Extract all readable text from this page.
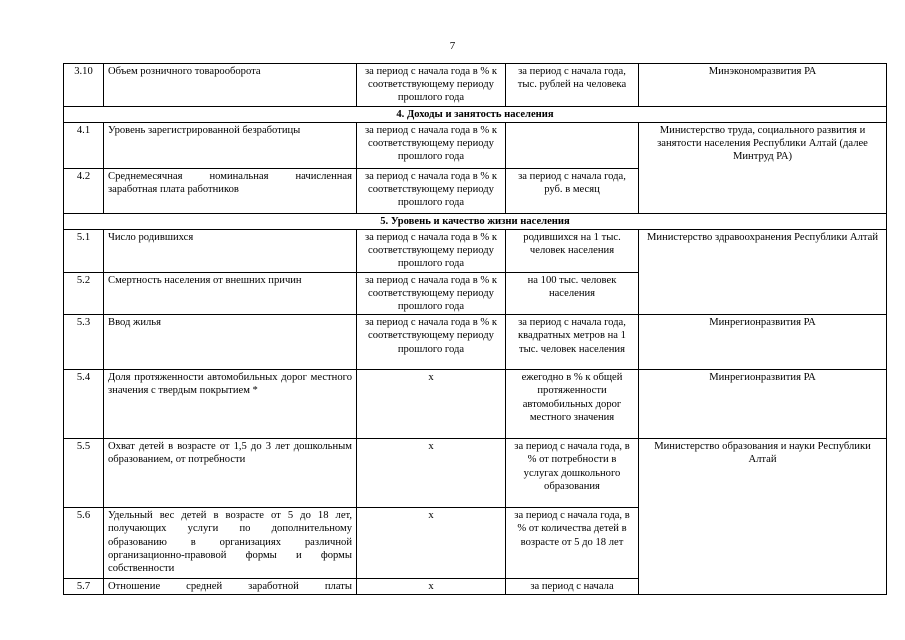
7
3.10	Объем розничного товарооборота	за период с начала года в % к соответствующему периоду прошлого года	за период с начала года, тыс. рублей на человека	Минэкономразвития РА
4. Доходы и занятость населения				
4.1	Уровень зарегистрированной безработицы	за период с начала года в % к соответствующему периоду прошлого года		Министерство труда, социального развития и занятости населения Республики Алтай (далее Минтруд РА)
4.2	Среднемесячная номинальная начисленная заработная плата работников	за период с начала года в % к соответствующему периоду прошлого года	за период с начала года, руб. в месяц	
5. Уровень и качество жизни населения				
5.1	Число родившихся	за период с начала года в % к соответствующему периоду прошлого года	родившихся на 1 тыс. человек населения	Министерство здравоохранения Республики Алтай
5.2	Смертность населения от внешних причин	за период с начала года в % к соответствующему периоду прошлого года	на 100 тыс. человек населения	
5.3	Ввод жилья	за период с начала года в % к соответствующему периоду прошлого года	за период с начала года, квадратных метров на 1 тыс. человек населения	Минрегионразвития РА
5.4	Доля протяженности автомобильных дорог местного значения с твердым покрытием *	х	ежегодно в % к общей протяженности автомобильных дорог местного значения	Минрегионразвития РА
5.5	Охват детей в возрасте от 1,5 до 3 лет дошкольным образованием, от потребности	х	за период с начала года, в % от потребности в услугах дошкольного образования	Министерство образования и науки Республики Алтай
5.6	Удельный вес детей в возрасте от 5 до 18 лет, получающих услуги по дополнительному образованию в организациях различной организационно-правовой формы и формы собственности	х	за период с начала года, в % от количества детей в возрасте от 5 до 18 лет	
5.7	Отношение средней заработной платы	х	за период с начала	
